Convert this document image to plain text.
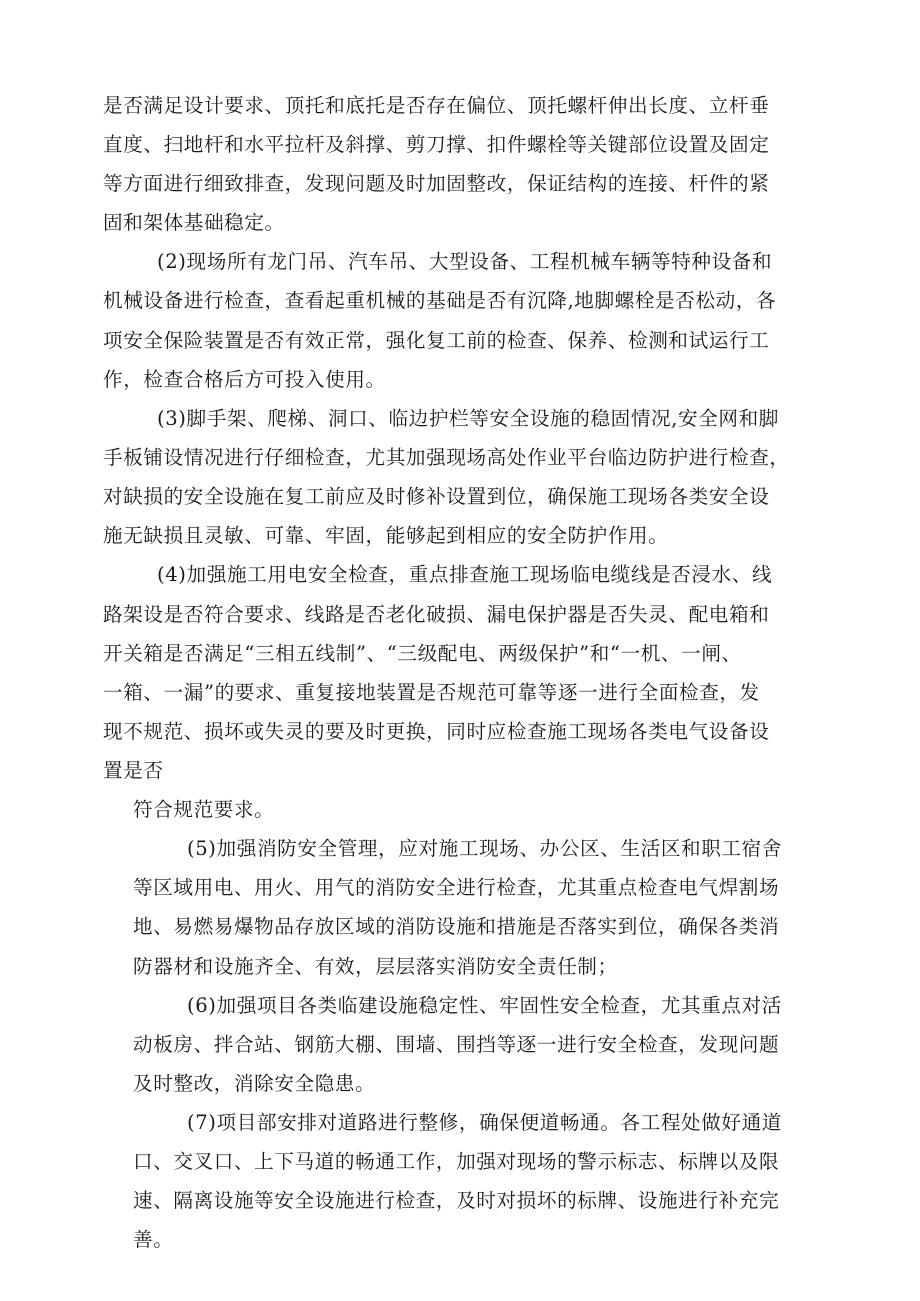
是否满足设计要求、顶托和底托是否存在偏位、顶托螺杆伸出长度、立杆垂

直度、扫地杆和水平拉杆及斜撑、剪刀撑、扣件螺栓等关键部位设置及固定

等方面进行细致排查，发现问题及时加固整改，保证结构的连接、杆件的紧

固和架体基础稳定。

(2)现场所有龙门吊、汽车吊、大型设备、工程机械车辆等特种设备和

机械设备进行检查，查看起重机械的基础是否有沉降,地脚螺栓是否松动，各

项安全保险装置是否有效正常，强化复工前的检查、保养、检测和试运行工

作，检查合格后方可投入使用。

(3)脚手架、爬梯、洞口、临边护栏等安全设施的稳固情况,安全网和脚

手板铺设情况进行仔细检查，尤其加强现场高处作业平台临边防护进行检查，

对缺损的安全设施在复工前应及时修补设置到位，确保施工现场各类安全设

施无缺损且灵敏、可靠、牢固，能够起到相应的安全防护作用。

(4)加强施工用电安全检查，重点排查施工现场临电缆线是否浸水、线

路架设是否符合要求、线路是否老化破损、漏电保护器是否失灵、配电箱和

开关箱是否满足“三相五线制”、“三级配电、两级保护”和“一机、一闸、

一箱、一漏”的要求、重复接地装置是否规范可靠等逐一进行全面检查，发

现不规范、损坏或失灵的要及时更换，同时应检查施工现场各类电气设备设

置是否

符合规范要求。

(5)加强消防安全管理，应对施工现场、办公区、生活区和职工宿舍

等区域用电、用火、用气的消防安全进行检查，尤其重点检查电气焊割场

地、易燃易爆物品存放区域的消防设施和措施是否落实到位，确保各类消

防器材和设施齐全、有效，层层落实消防安全责任制；

(6)加强项目各类临建设施稳定性、牢固性安全检查，尤其重点对活

动板房、拌合站、钢筋大棚、围墙、围挡等逐一进行安全检查，发现问题

及时整改，消除安全隐患。

(7)项目部安排对道路进行整修，确保便道畅通。各工程处做好通道

口、交叉口、上下马道的畅通工作，加强对现场的警示标志、标牌以及限

速、隔离设施等安全设施进行检查，及时对损坏的标牌、设施进行补充完

善。
